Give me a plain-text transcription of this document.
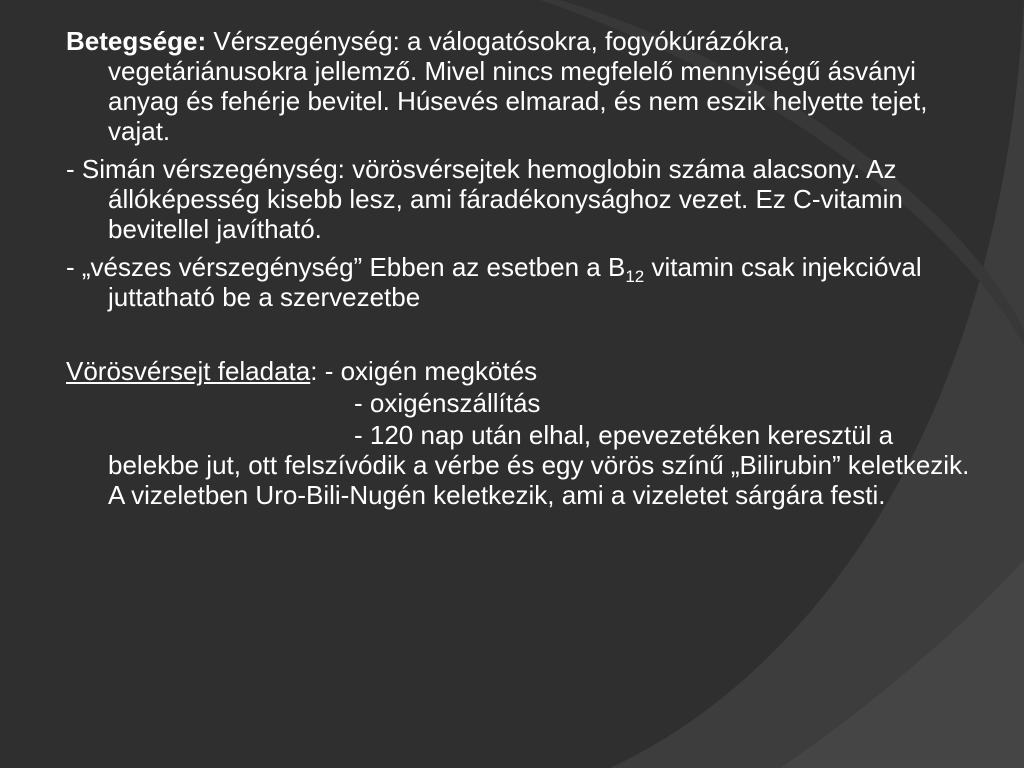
Betegsége: Vérszegénység: a válogatósokra, fogyókúrázókra, vegetáriánusokra jellemző. Mivel nincs megfelelő mennyiségű ásványi anyag és fehérje bevitel. Húsevés elmarad, és nem eszik helyette tejet, vajat.

- Simán vérszegénység: vörösvérsejtek hemoglobin száma alacsony. Az állóképesség kisebb lesz, ami fáradékonysághoz vezet. Ez C-vitamin bevitellel javítható.

- „vészes vérszegénység” Ebben az esetben a $B_{12}$ vitamin csak injekcióval juttatható be a szervezetbe

Vörösvérsejt feladata: - oxigén megkötés

- oxigénszállítás

- 120 nap után elhal, epevezetéken keresztül a belekbe jut, ott felszívódik a vérbe és egy vörös színű „Bilirubin” keletkezik. A vizeletben Uro-Bili-Nugén keletkezik, ami a vizeletet sárgára festi.
